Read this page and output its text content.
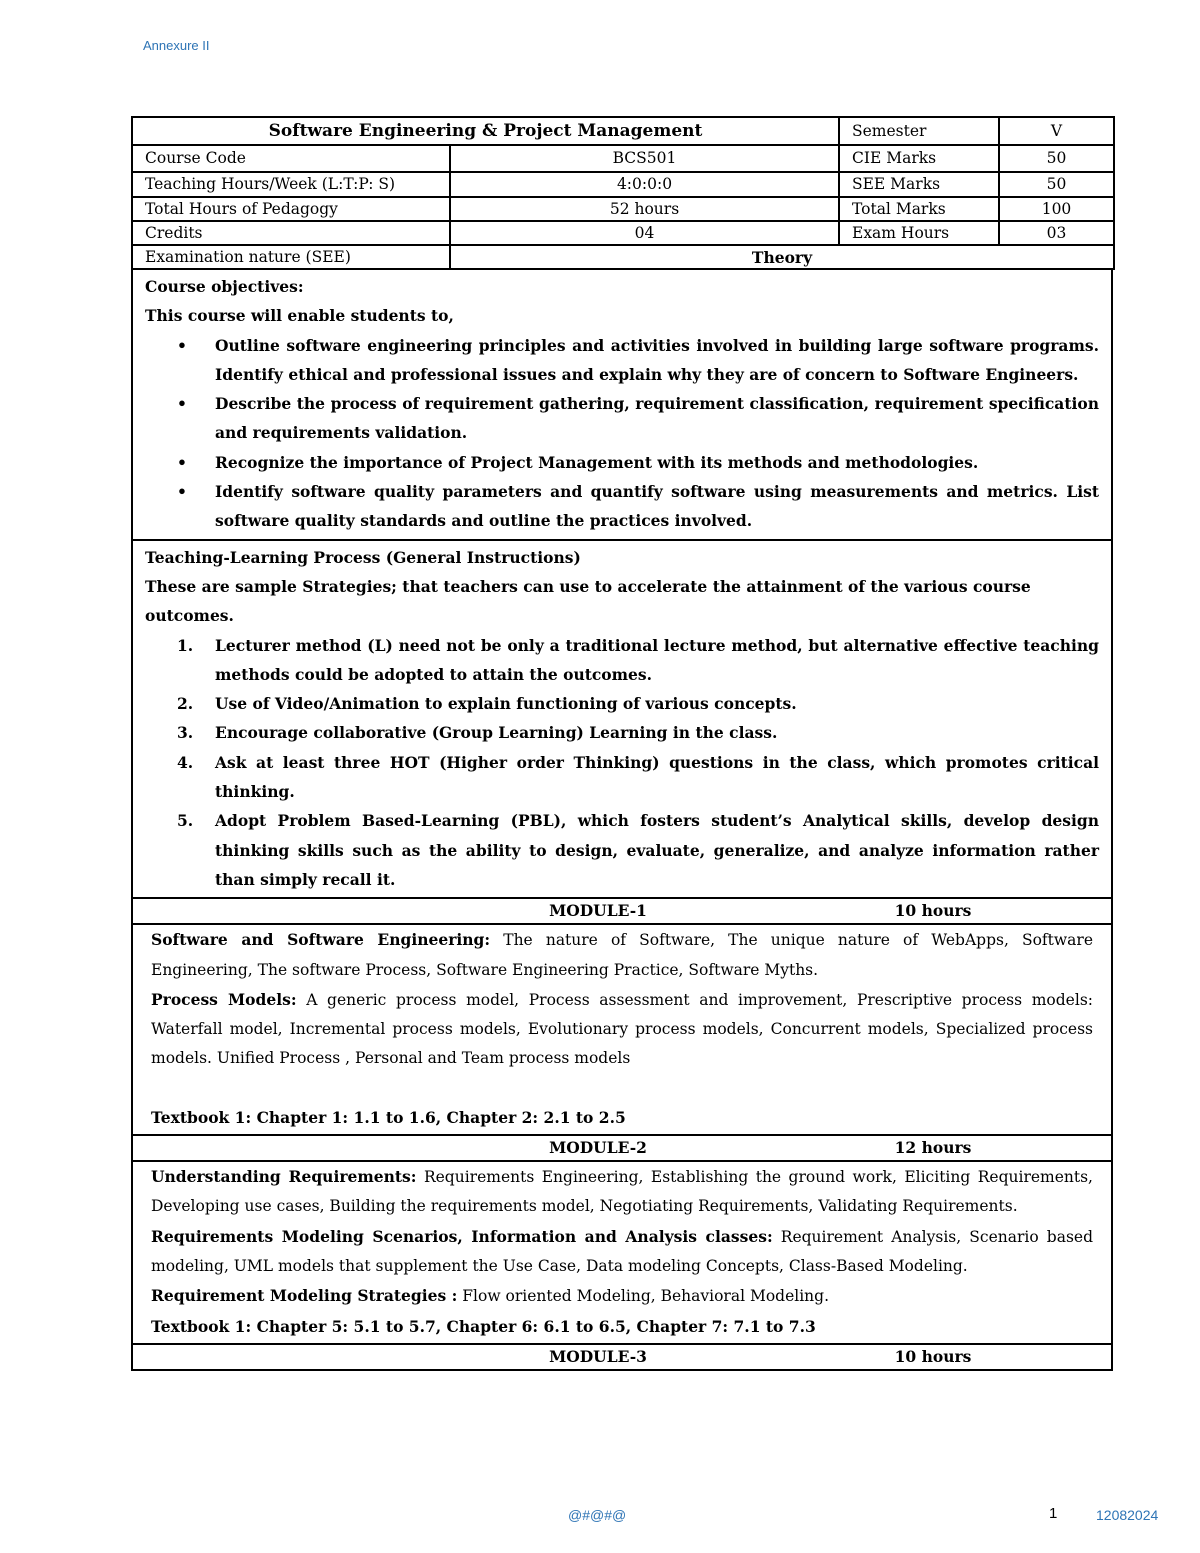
Annexure II
Software Engineering & Project Management		Semester	V
Course Code	BCS501	CIE Marks	50
Teaching Hours/Week (L:T:P: S)	4:0:0:0	SEE Marks	50
Total Hours of Pedagogy	52 hours	Total Marks	100
Credits	04	Exam Hours	03
Examination nature (SEE)	Theory		
Course objectives:
This course will enable students to,
•	Outline software engineering principles and activities involved in building large software programs. Identify ethical and professional issues and explain why they are of concern to Software Engineers.
•	Describe the process of requirement gathering, requirement classification, requirement specification and requirements validation.
•	Recognize the importance of Project Management with its methods and methodologies.
•	Identify software quality parameters and quantify software using measurements and metrics. List software quality standards and outline the practices involved.
Teaching-Learning Process (General Instructions)
These are sample Strategies; that teachers can use to accelerate the attainment of the various course outcomes.
1.	Lecturer method (L) need not be only a traditional lecture method, but alternative effective teaching methods could be adopted to attain the outcomes.
2.	Use of Video/Animation to explain functioning of various concepts.
3.	Encourage collaborative (Group Learning) Learning in the class.
4.	Ask at least three HOT (Higher order Thinking) questions in the class, which promotes critical thinking.
5.	Adopt Problem Based-Learning (PBL), which fosters student’s Analytical skills, develop design thinking skills such as the ability to design, evaluate, generalize, and analyze information rather than simply recall it.
MODULE-1	10 hours

Software and Software Engineering: The nature of Software, The unique nature of WebApps, Software Engineering, The software Process, Software Engineering Practice, Software Myths.

Process Models: A generic process model, Process assessment and improvement, Prescriptive process models: Waterfall model, Incremental process models, Evolutionary process models, Concurrent models, Specialized process models. Unified Process , Personal and Team process models

Textbook 1: Chapter 1: 1.1 to 1.6, Chapter 2: 2.1 to 2.5

MODULE-2	12 hours

Understanding Requirements: Requirements Engineering, Establishing the ground work, Eliciting Requirements, Developing use cases, Building the requirements model, Negotiating Requirements, Validating Requirements.

Requirements Modeling Scenarios, Information and Analysis classes: Requirement Analysis, Scenario based modeling, UML models that supplement the Use Case, Data modeling Concepts, Class-Based Modeling.

Requirement Modeling Strategies : Flow oriented Modeling, Behavioral Modeling.

Textbook 1: Chapter 5: 5.1 to 5.7, Chapter 6: 6.1 to 6.5, Chapter 7: 7.1 to 7.3

MODULE-3	10 hours
@#@#@	1	12082024
